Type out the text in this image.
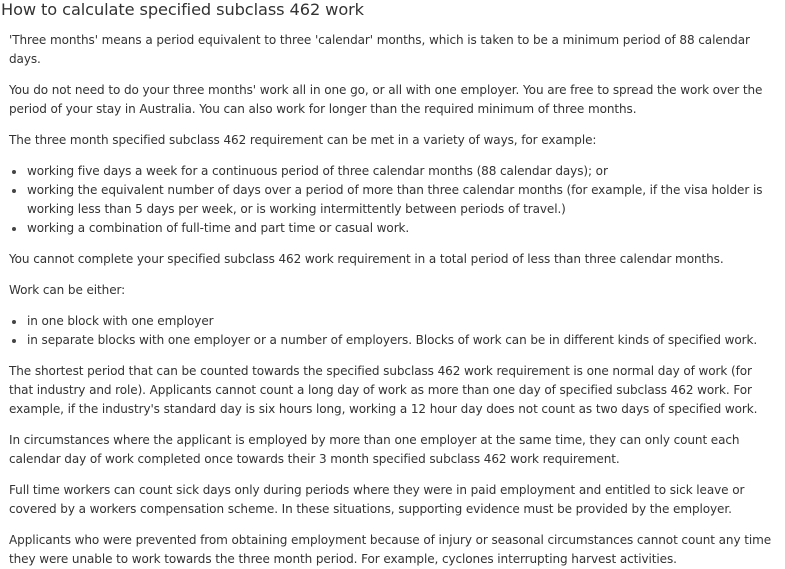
How to calculate specified subclass 462 work

'Three months' means a period equivalent to three 'calendar' months, which is taken to be a minimum period of 88 calendar days.

You do not need to do your three months' work all in one go, or all with one employer. You are free to spread the work over the period of your stay in Australia. You can also work for longer than the required minimum of three months.

The three month specified subclass 462 requirement can be met in a variety of ways, for example:

working five days a week for a continuous period of three calendar months (88 calendar days); or
working the equivalent number of days over a period of more than three calendar months (for example, if the visa holder is working less than 5 days per week, or is working intermittently between periods of travel.)
working a combination of full-time and part time or casual work.

You cannot complete your specified subclass 462 work requirement in a total period of less than three calendar months.

Work can be either:

in one block with one employer
in separate blocks with one employer or a number of employers. Blocks of work can be in different kinds of specified work.

The shortest period that can be counted towards the specified subclass 462 work requirement is one normal day of work (for that industry and role). Applicants cannot count a long day of work as more than one day of specified subclass 462 work. For example, if the industry's standard day is six hours long, working a 12 hour day does not count as two days of specified work.

In circumstances where the applicant is employed by more than one employer at the same time, they can only count each calendar day of work completed once towards their 3 month specified subclass 462 work requirement.

Full time workers can count sick days only during periods where they were in paid employment and entitled to sick leave or covered by a workers compensation scheme. In these situations, supporting evidence must be provided by the employer.

Applicants who were prevented from obtaining employment because of injury or seasonal circumstances cannot count any time they were unable to work towards the three month period. For example, cyclones interrupting harvest activities.
